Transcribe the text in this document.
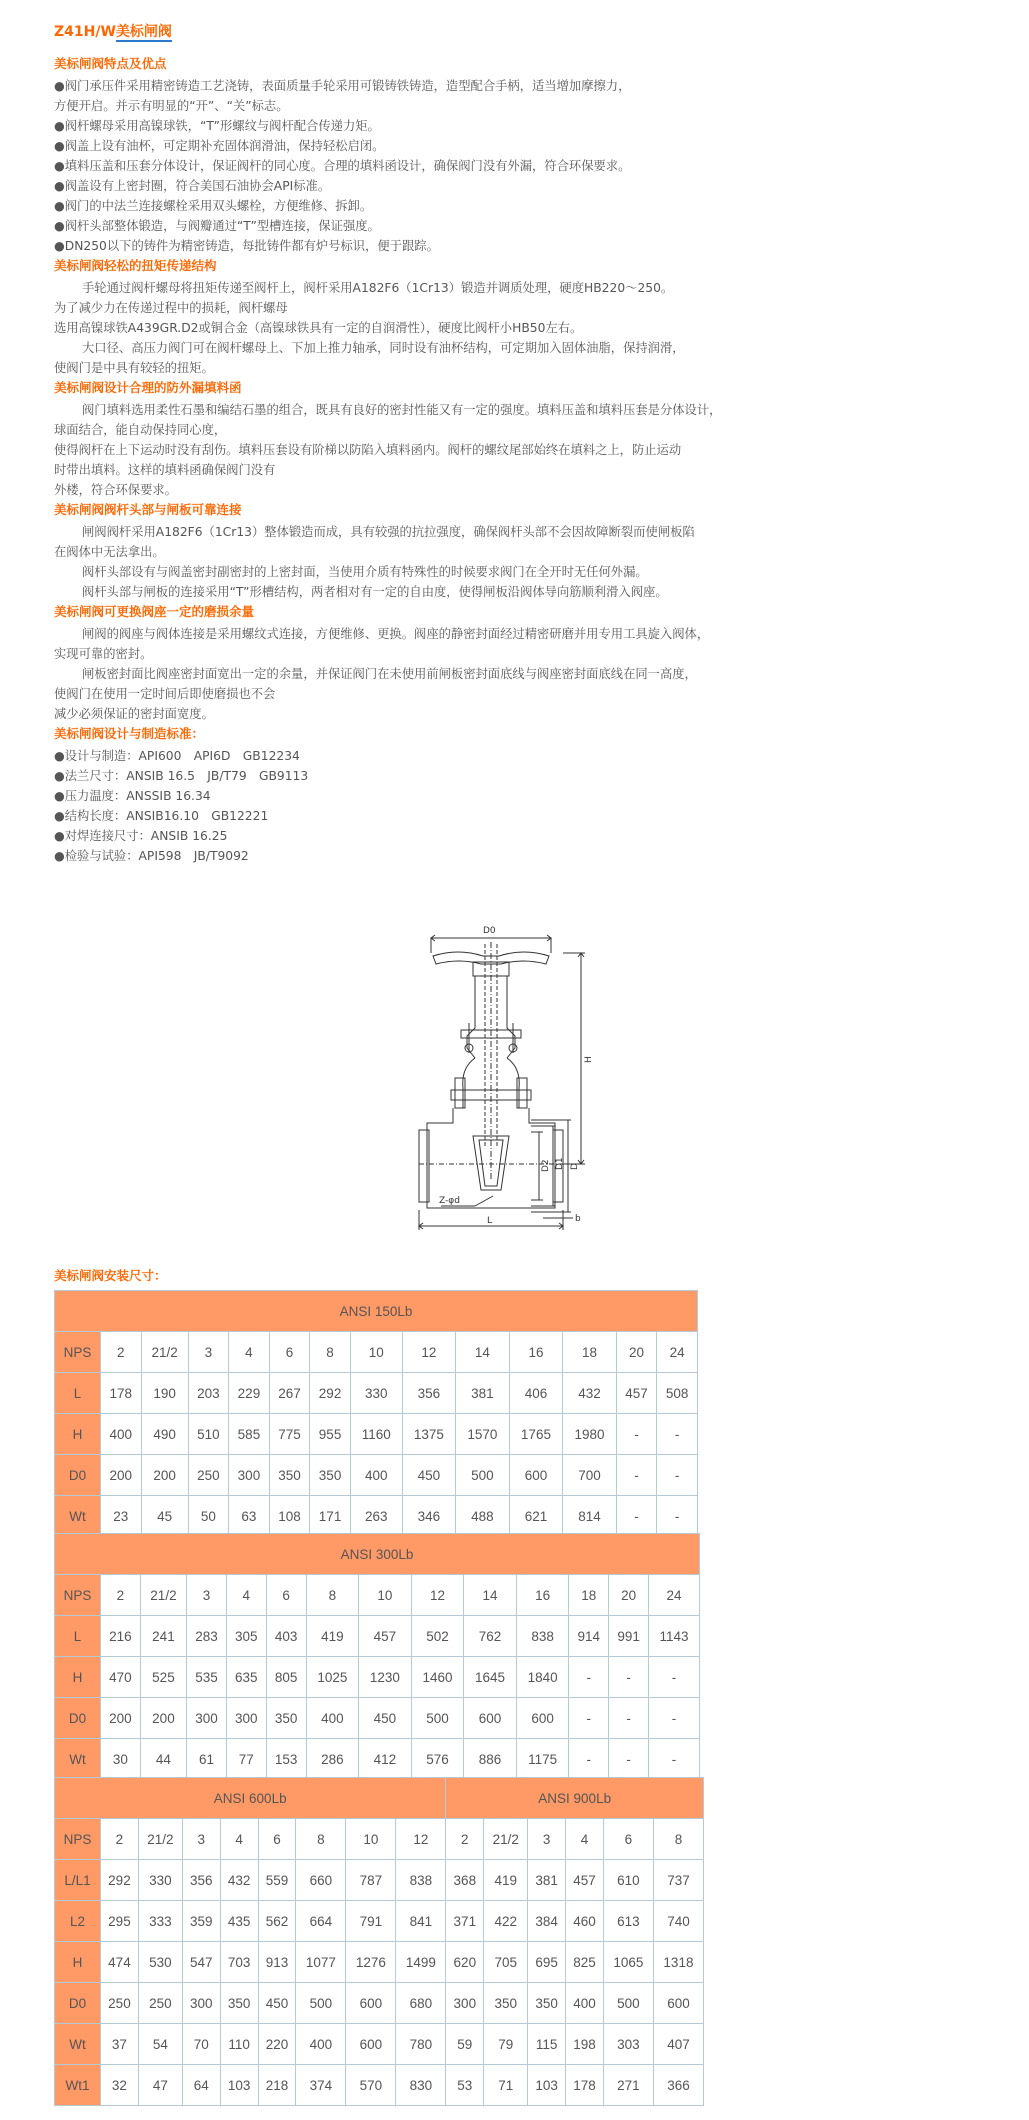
Z41H/W美标闸阀
美标闸阀特点及优点
●阀门承压件采用精密铸造工艺浇铸，表面质量手轮采用可锻铸铁铸造，造型配合手柄，适当增加摩擦力，
方便开启。并示有明显的“开”、“关”标志。
●阀杆螺母采用高镍球铁，“T”形螺纹与阀杆配合传递力矩。
●阀盖上设有油杯，可定期补充固体润滑油，保持轻松启闭。
●填料压盖和压套分体设计，保证阀杆的同心度。合理的填料函设计，确保阀门没有外漏，符合环保要求。
●阀盖设有上密封圈，符合美国石油协会API标准。
●阀门的中法兰连接螺栓采用双头螺栓，方便维修、拆卸。
●阀杆头部整体锻造，与阀瓣通过“T”型槽连接，保证强度。
●DN250以下的铸件为精密铸造，每批铸件都有炉号标识，便于跟踪。
美标闸阀轻松的扭矩传递结构
手轮通过阀杆螺母将扭矩传递至阀杆上，阀杆采用A182F6（1Cr13）锻造并调质处理，硬度HB220～250。
为了减少力在传递过程中的损耗，阀杆螺母
选用高镍球铁A439GR.D2或铜合金（高镍球铁具有一定的自润滑性），硬度比阀杆小HB50左右。
大口径、高压力阀门可在阀杆螺母上、下加上推力轴承，同时设有油杯结构，可定期加入固体油脂，保持润滑，
使阀门是中具有较轻的扭矩。
美标闸阀设计合理的防外漏填料函
阀门填料选用柔性石墨和编结石墨的组合，既具有良好的密封性能又有一定的强度。填料压盖和填料压套是分体设计，
球面结合，能自动保持同心度，
使得阀杆在上下运动时没有刮伤。填料压套设有阶梯以防陷入填料函内。阀杆的螺纹尾部始终在填料之上，防止运动
时带出填料。这样的填料函确保阀门没有
外楼，符合环保要求。
美标闸阀阀杆头部与闸板可靠连接
闸阀阀杆采用A182F6（1Cr13）整体锻造而成，具有较强的抗拉强度，确保阀杆头部不会因故障断裂而使闸板陷
在阀体中无法拿出。
阀杆头部设有与阀盖密封副密封的上密封面，当使用介质有特殊性的时候要求阀门在全开时无任何外漏。
阀杆头部与闸板的连接采用“T”形槽结构，两者相对有一定的自由度，使得闸板沿阀体导向筋顺利滑入阀座。
美标闸阀可更换阀座一定的磨损余量
闸阀的阀座与阀体连接是采用螺纹式连接，方便维修、更换。阀座的静密封面经过精密研磨并用专用工具旋入阀体，
实现可靠的密封。
闸板密封面比阀座密封面宽出一定的余量，并保证阀门在未使用前闸板密封面底线与阀座密封面底线在同一高度，
使阀门在使用一定时间后即使磨损也不会
减少必须保证的密封面宽度。
美标闸阀设计与制造标准：
●设计与制造：API600　API6D　GB12234
●法兰尺寸：ANSIB 16.5　JB/T79　GB9113
●压力温度：ANSSIB 16.34
●结构长度：ANSIB16.10　GB12221
●对焊连接尺寸：ANSIB 16.25
●检验与试验：API598　JB/T9092
D0
H
D
D1
D2
Z-φd
L	b
美标闸阀安装尺寸：
ANSI 150Lb													
NPS	2	21/2	3	4	6	8	10	12	14	16	18	20	24
L	178	190	203	229	267	292	330	356	381	406	432	457	508
H	400	490	510	585	775	955	1160	1375	1570	1765	1980	-	-
D0	200	200	250	300	350	350	400	450	500	600	700	-	-
Wt	23	45	50	63	108	171	263	346	488	621	814	-	-
ANSI 300Lb													
NPS	2	21/2	3	4	6	8	10	12	14	16	18	20	24
L	216	241	283	305	403	419	457	502	762	838	914	991	1143
H	470	525	535	635	805	1025	1230	1460	1645	1840	-	-	-
D0	200	200	300	300	350	400	450	500	600	600	-	-	-
Wt	30	44	61	77	153	286	412	576	886	1175	-	-	-
ANSI 600Lb									ANSI 900Lb					
NPS	2	21/2	3	4	6	8	10	12	2	21/2	3	4	6	8
L/L1	292	330	356	432	559	660	787	838	368	419	381	457	610	737
L2	295	333	359	435	562	664	791	841	371	422	384	460	613	740
H	474	530	547	703	913	1077	1276	1499	620	705	695	825	1065	1318
D0	250	250	300	350	450	500	600	680	300	350	350	400	500	600
Wt	37	54	70	110	220	400	600	780	59	79	115	198	303	407
Wt1	32	47	64	103	218	374	570	830	53	71	103	178	271	366
